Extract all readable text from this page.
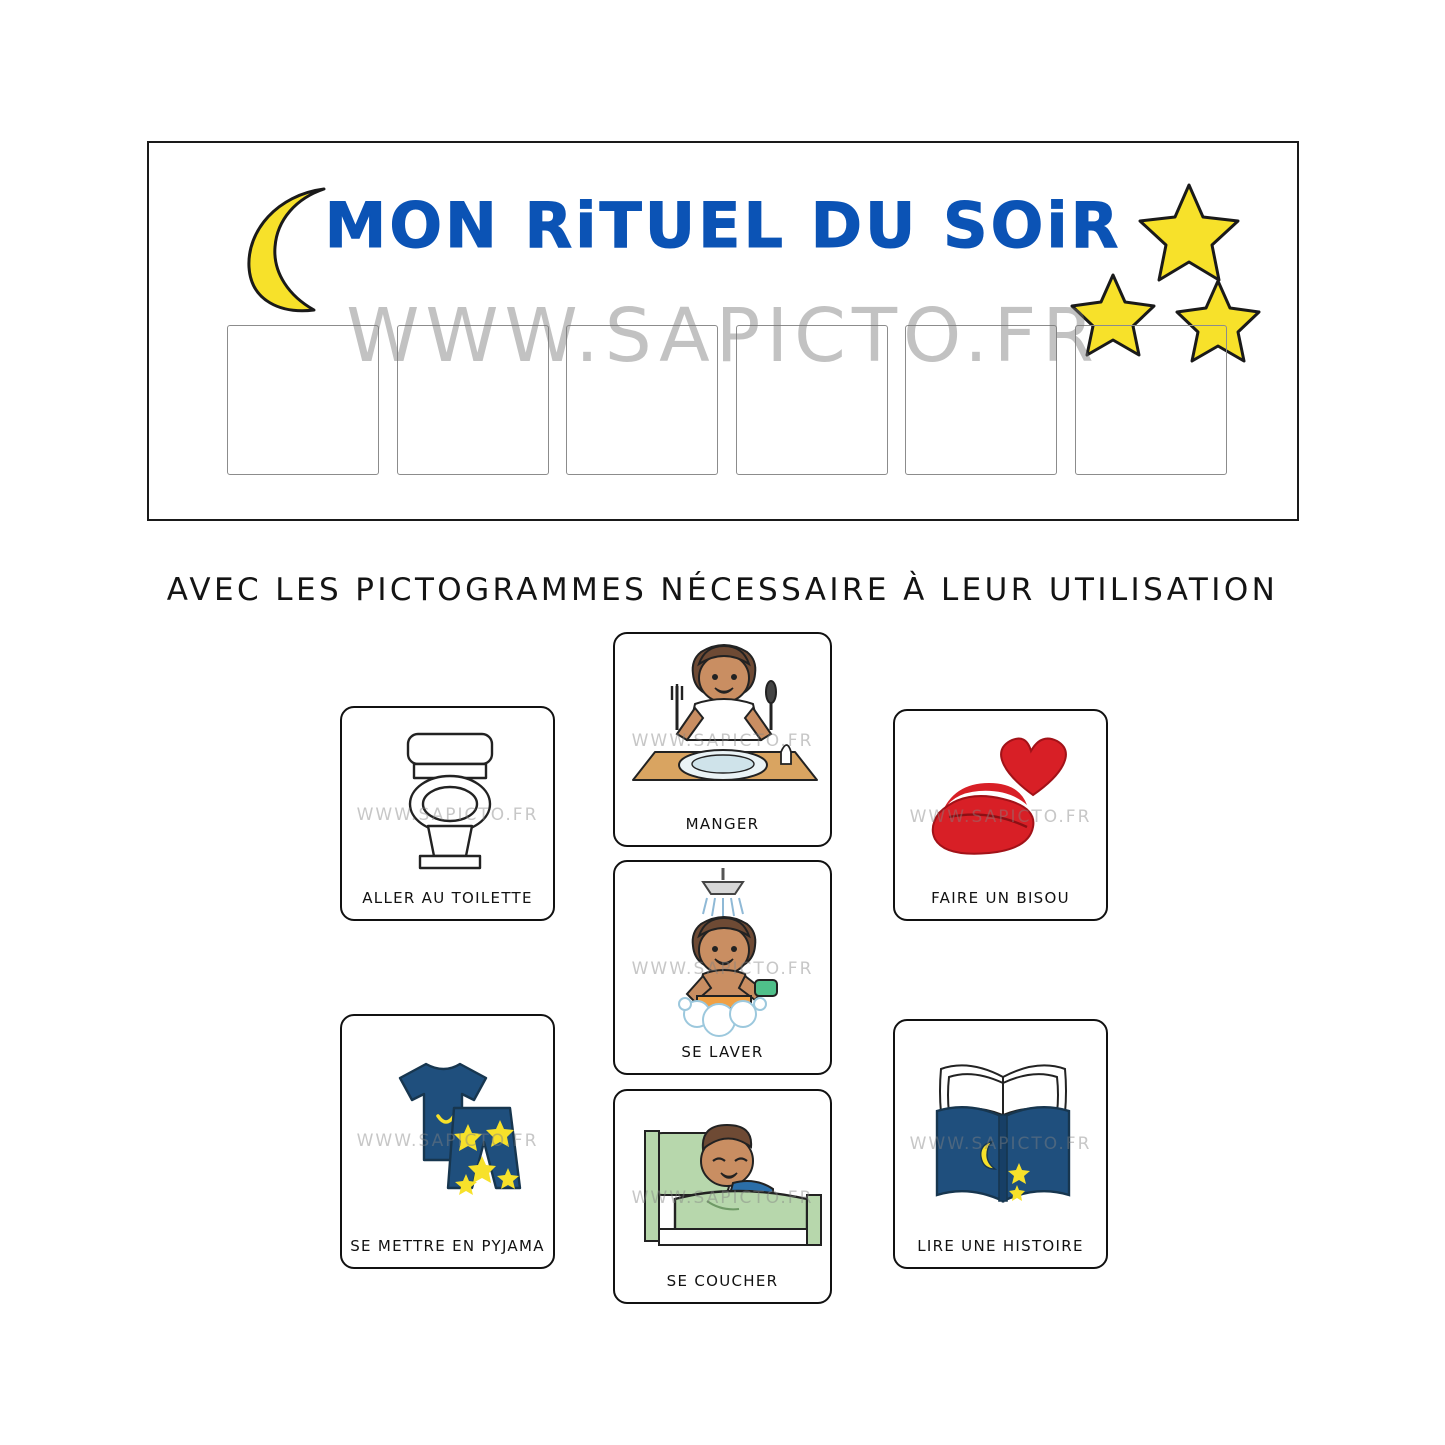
MON RiTUEL DU SOiR
WWW.SAPICTO.FR
AVEC LES PICTOGRAMMES NÉCESSAIRE À LEUR UTILISATION
WWW.SAPICTO.FR
ALLER AU TOILETTE
WWW.SAPICTO.FR
MANGER	WWW.SAPICTO.FR
FAIRE UN BISOU
WWW.SAPICTO.FR
SE LAVER
WWW.SAPICTO.FR
SE METTRE EN PYJAMA
WWW.SAPICTO.FR
SE COUCHER
WWW.SAPICTO.FR
LIRE UNE HISTOIRE
